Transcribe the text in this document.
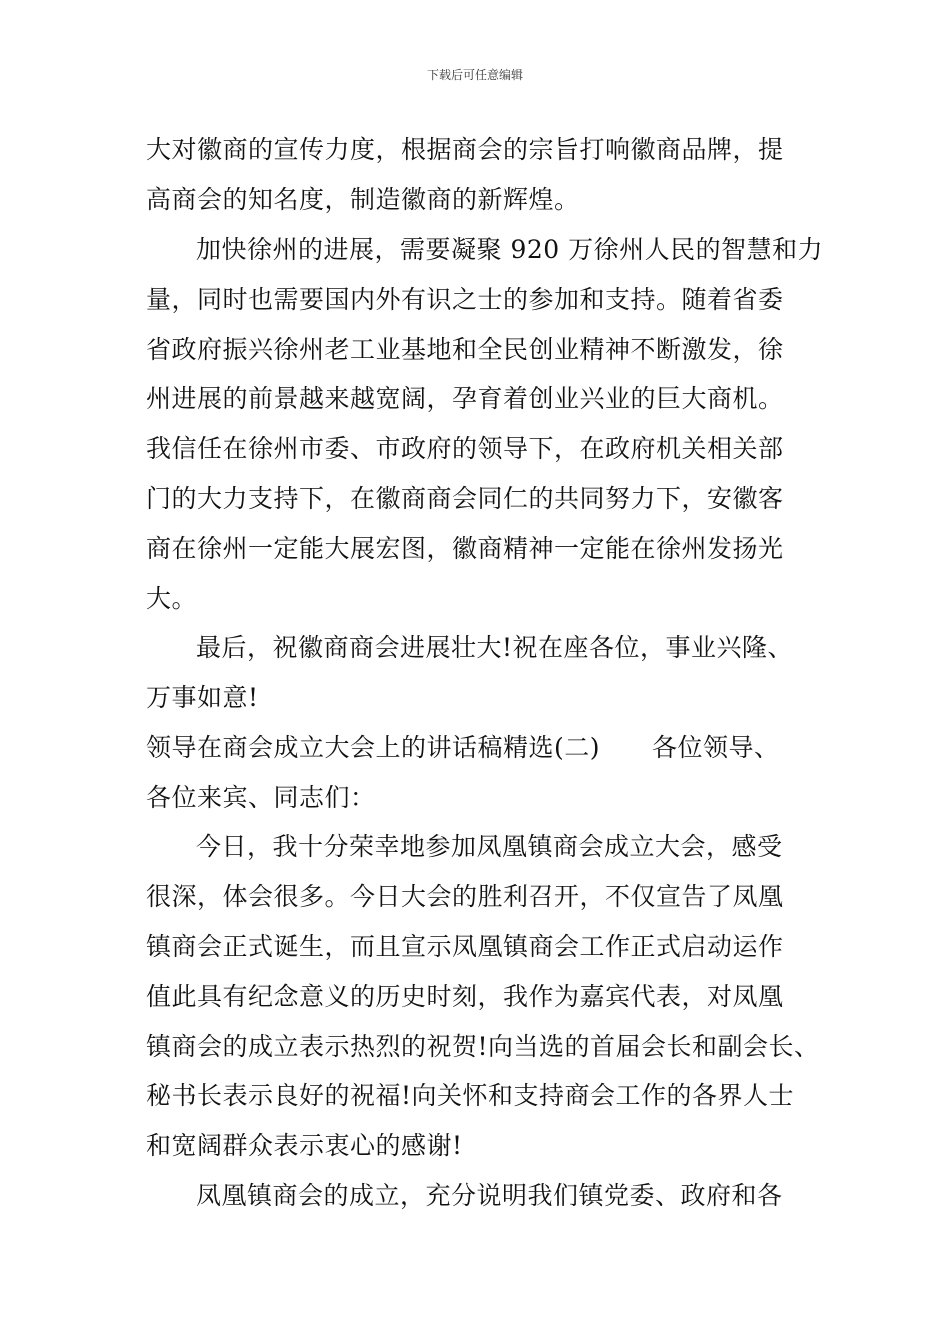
下载后可任意编辑
大对徽商的宣传力度，根据商会的宗旨打响徽商品牌，提
高商会的知名度，制造徽商的新辉煌。
加快徐州的进展，需要凝聚 920 万徐州人民的智慧和力
量，同时也需要国内外有识之士的参加和支持。随着省委
省政府振兴徐州老工业基地和全民创业精神不断激发，徐
州进展的前景越来越宽阔，孕育着创业兴业的巨大商机。
我信任在徐州市委、市政府的领导下，在政府机关相关部
门的大力支持下，在徽商商会同仁的共同努力下，安徽客
商在徐州一定能大展宏图，徽商精神一定能在徐州发扬光
大。
最后，祝徽商商会进展壮大!祝在座各位，事业兴隆、
万事如意!
领导在商会成立大会上的讲话稿精选(二) 各位领导、
各位来宾、同志们：
今日，我十分荣幸地参加凤凰镇商会成立大会，感受
很深，体会很多。今日大会的胜利召开，不仅宣告了凤凰
镇商会正式诞生，而且宣示凤凰镇商会工作正式启动运作
值此具有纪念意义的历史时刻，我作为嘉宾代表，对凤凰
镇商会的成立表示热烈的祝贺!向当选的首届会长和副会长、
秘书长表示良好的祝福!向关怀和支持商会工作的各界人士
和宽阔群众表示衷心的感谢!
凤凰镇商会的成立，充分说明我们镇党委、政府和各
